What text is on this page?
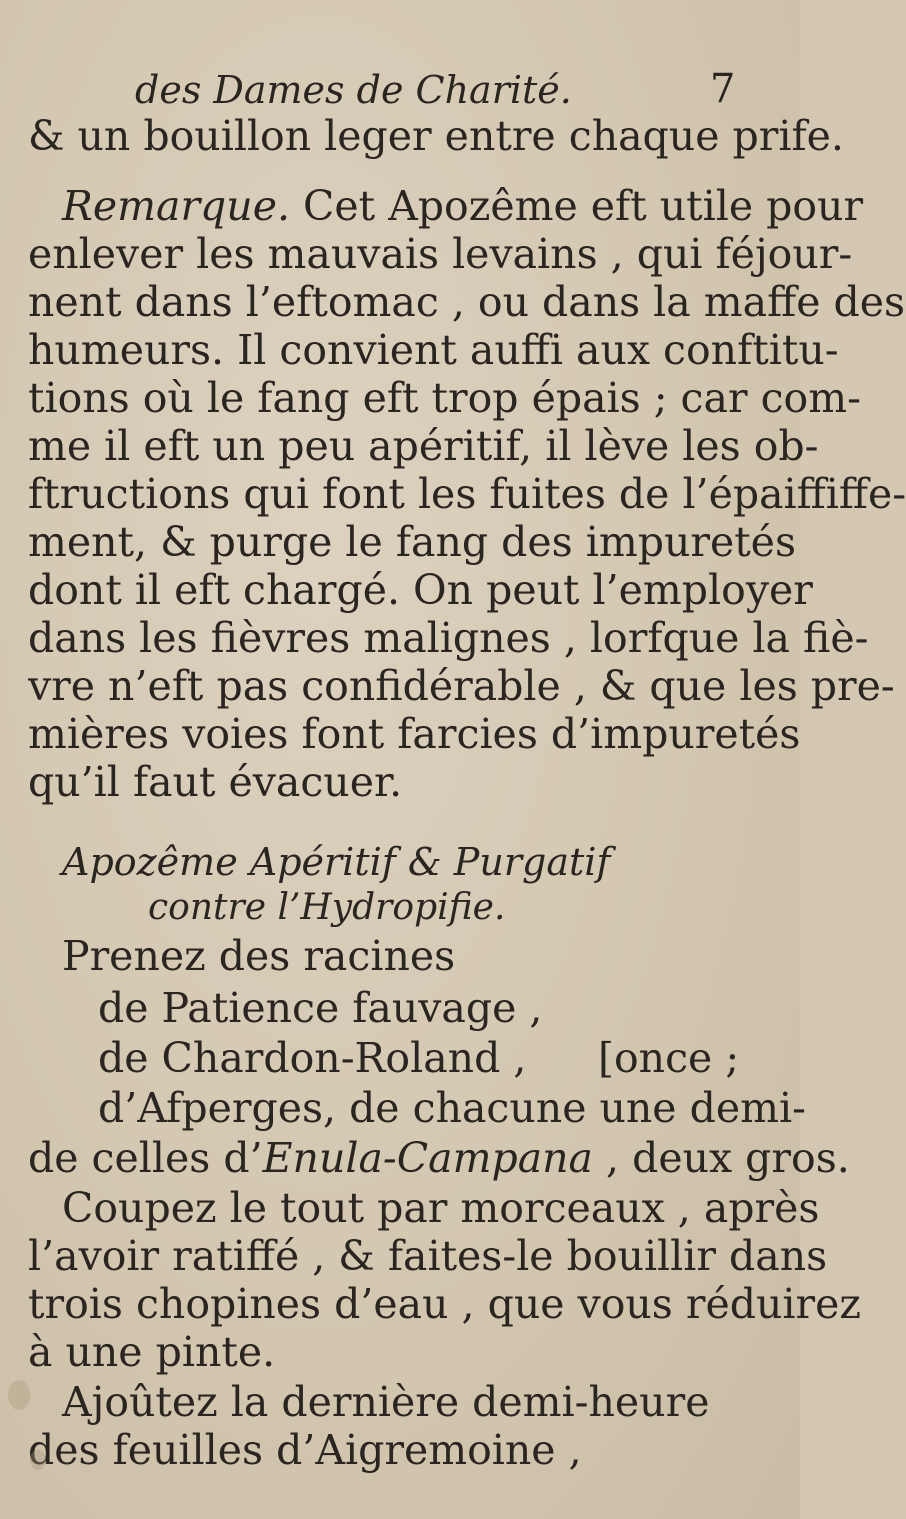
des Dames de Charité.	7
& un bouillon leger entre chaque prife.
Remarque. Cet Apozême eft utile pour
enlever les mauvais levains , qui féjour-
nent dans l’eftomac , ou dans la maffe des
humeurs. Il convient auffi aux conftitu-
tions où le fang eft trop épais ; car com-
me il eft un peu apéritif, il lève les ob-
ftructions qui font les fuites de l’épaiffiffe-
ment, & purge le fang des impuretés
dont il eft chargé. On peut l’employer
dans les fièvres malignes , lorfque la fiè-
vre n’eft pas confidérable , & que les pre-
mières voies font farcies d’impuretés
qu’il faut évacuer.
Apozême Apéritif & Purgatif
contre l’Hydropifie.
Prenez des racines
de Patience fauvage ,
de Chardon-Roland , [once ;
d’Afperges, de chacune une demi-
de celles d’Enula-Campana , deux gros.
Coupez le tout par morceaux , après
l’avoir ratiffé , & faites-le bouillir dans
trois chopines d’eau , que vous réduirez
à une pinte.
Ajoûtez la dernière demi-heure
des feuilles d’Aigremoine ,
